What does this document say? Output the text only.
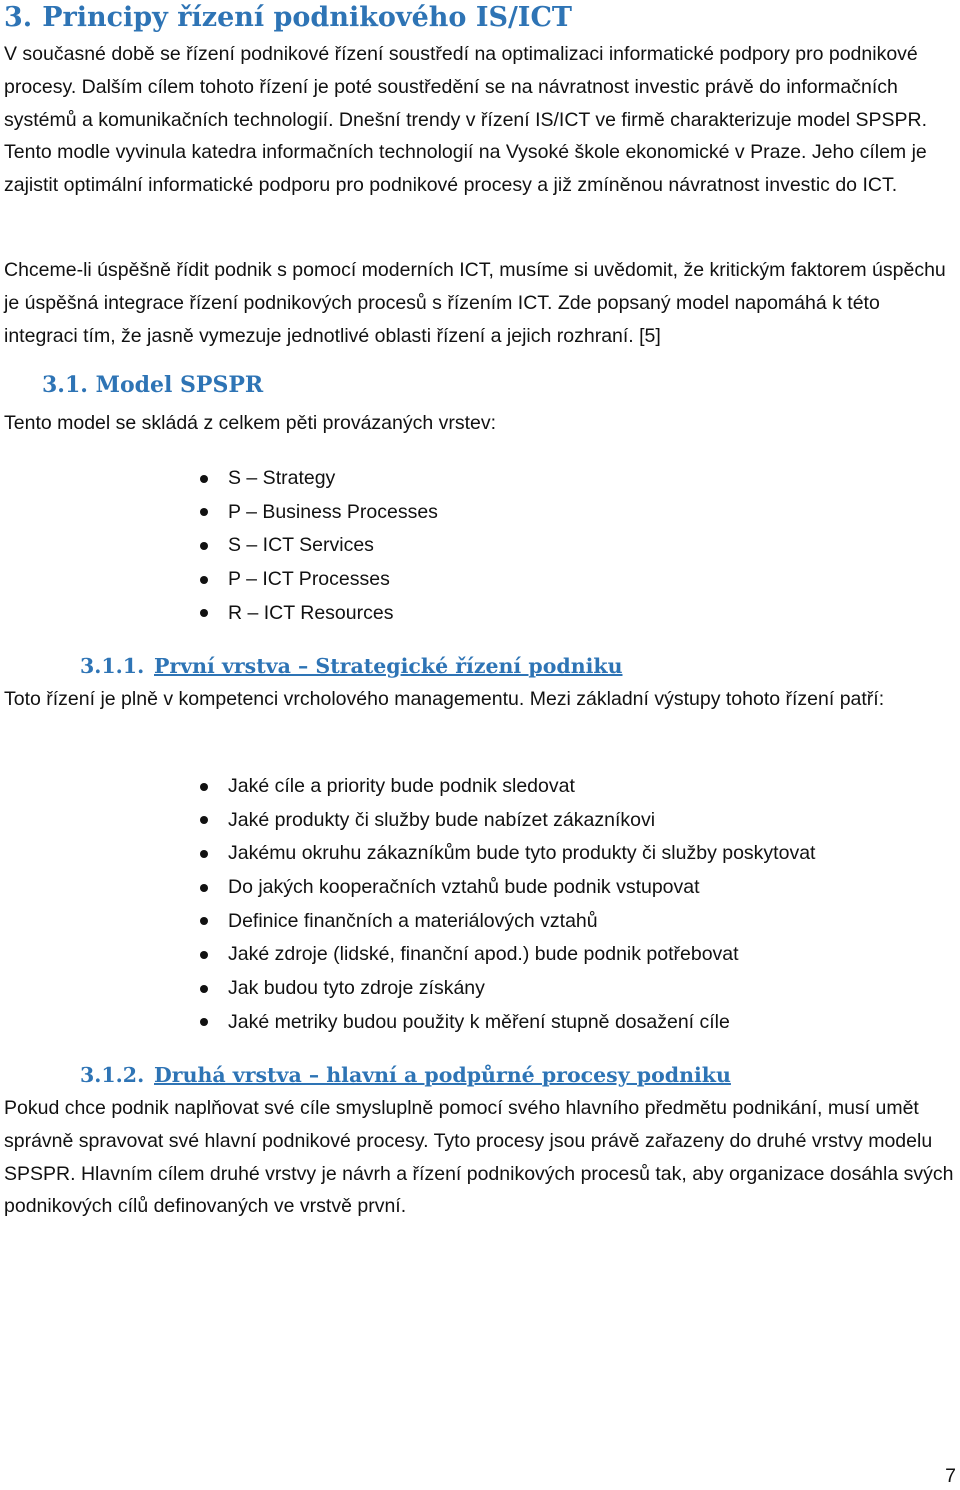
3. Principy řízení podnikového IS/ICT

V současné době se řízení podnikové řízení soustředí na optimalizaci informatické podpory pro podnikové procesy. Dalším cílem tohoto řízení je poté soustředění se na návratnost investic právě do informačních systémů a komunikačních technologií. Dnešní trendy v řízení IS/ICT ve firmě charakterizuje model SPSPR. Tento modle vyvinula katedra informačních technologií na Vysoké škole ekonomické v Praze. Jeho cílem je zajistit optimální informatické podporu pro podnikové procesy a již zmíněnou návratnost investic do ICT.

Chceme-li úspěšně řídit podnik s pomocí moderních ICT, musíme si uvědomit, že kritickým faktorem úspěchu je úspěšná integrace řízení podnikových procesů s řízením ICT. Zde popsaný model napomáhá k této integraci tím, že jasně vymezuje jednotlivé oblasti řízení a jejich rozhraní. [5]

3.1. Model SPSPR

Tento model se skládá z celkem pěti provázaných vrstev:

S – Strategy
P – Business Processes
S – ICT Services
P – ICT Processes
R – ICT Resources
3.1.1. První vrstva – Strategické řízení podniku

Toto řízení je plně v kompetenci vrcholového managementu. Mezi základní výstupy tohoto řízení patří:

Jaké cíle a priority bude podnik sledovat
Jaké produkty či služby bude nabízet zákazníkovi
Jakému okruhu zákazníkům bude tyto produkty či služby poskytovat
Do jakých kooperačních vztahů bude podnik vstupovat
Definice finančních a materiálových vztahů
Jaké zdroje (lidské, finanční apod.) bude podnik potřebovat
Jak budou tyto zdroje získány
Jaké metriky budou použity k měření stupně dosažení cíle
3.1.2. Druhá vrstva – hlavní a podpůrné procesy podniku

Pokud chce podnik naplňovat své cíle smysluplně pomocí svého hlavního předmětu podnikání, musí umět správně spravovat své hlavní podnikové procesy. Tyto procesy jsou právě zařazeny do druhé vrstvy modelu SPSPR. Hlavním cílem druhé vrstvy je návrh a řízení podnikových procesů tak, aby organizace dosáhla svých podnikových cílů definovaných ve vrstvě první.

7
